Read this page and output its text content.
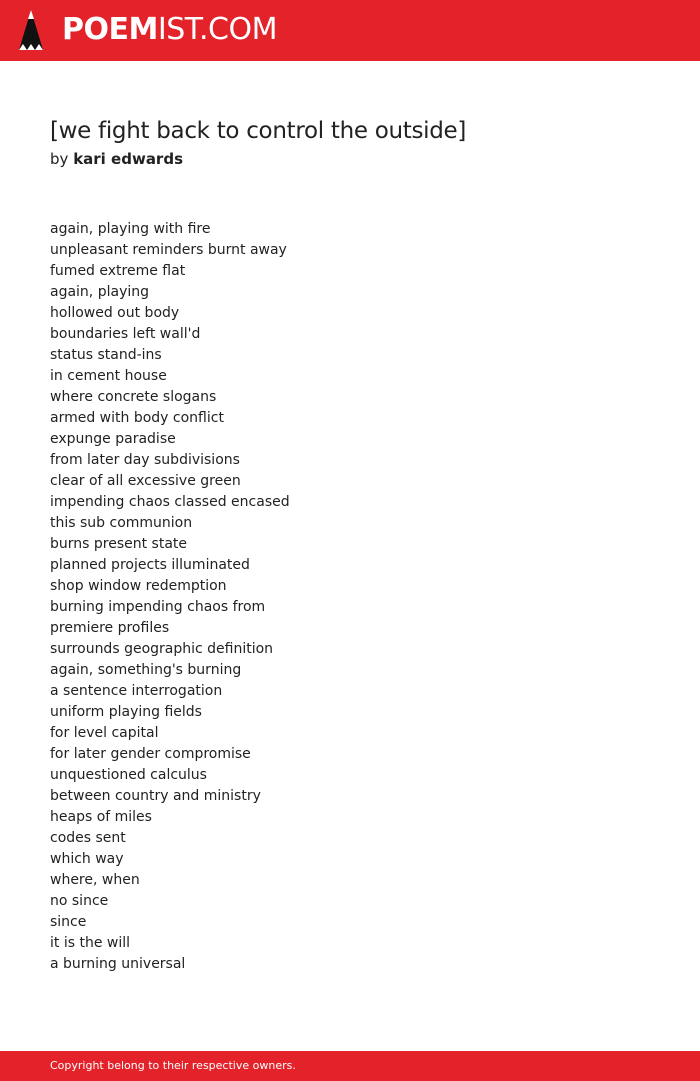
POEMIST.COM
[we fight back to control the outside]
by kari edwards
again, playing with fire
unpleasant reminders burnt away
fumed extreme flat
again, playing
hollowed out body
boundaries left wall'd
status stand-ins
in cement house
where concrete slogans
armed with body conflict
expunge paradise
from later day subdivisions
clear of all excessive green
impending chaos classed encased
this sub communion
burns present state
planned projects illuminated
shop window redemption
burning impending chaos from
premiere profiles
surrounds geographic definition
again, something's burning
a sentence interrogation
uniform playing fields
for level capital
for later gender compromise
unquestioned calculus
between country and ministry
heaps of miles
codes sent
which way
where, when
no since
since
it is the will
a burning universal
Copyright belong to their respective owners.
